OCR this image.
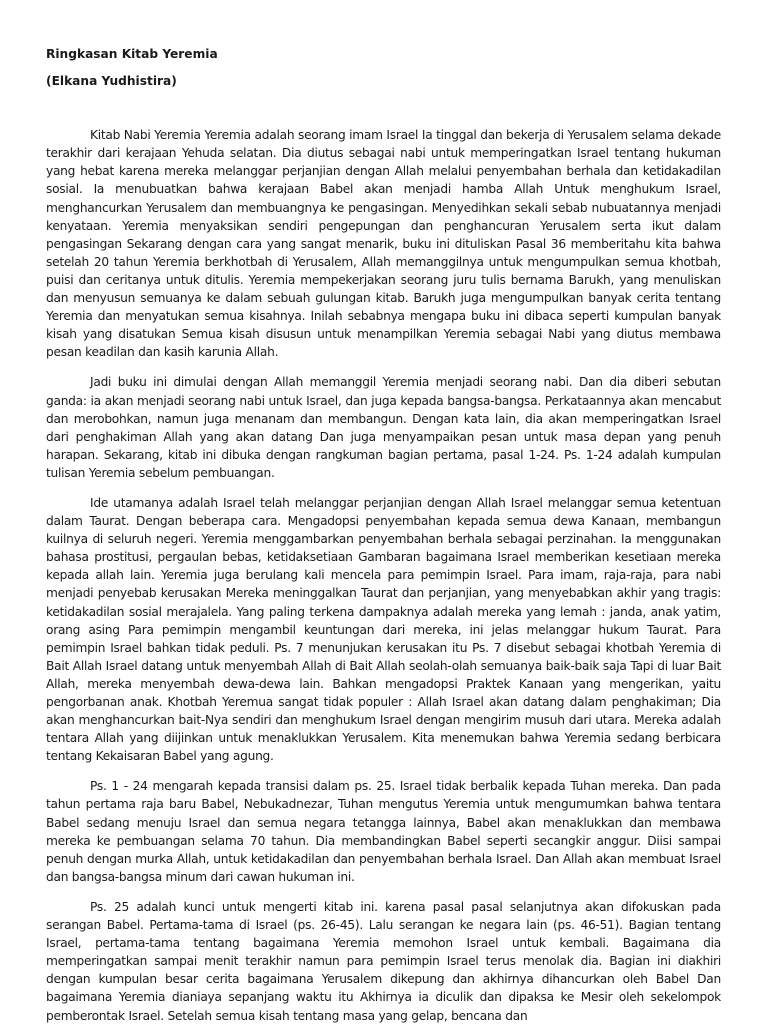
Ringkasan Kitab Yeremia

(Elkana Yudhistira)

Kitab Nabi Yeremia Yeremia adalah seorang imam Israel Ia tinggal dan bekerja di Yerusalem selama dekade terakhir dari kerajaan Yehuda selatan. Dia diutus sebagai nabi untuk memperingatkan Israel tentang hukuman yang hebat karena mereka melanggar perjanjian dengan Allah melalui penyembahan berhala dan ketidakadilan sosial. Ia menubuatkan bahwa kerajaan Babel akan menjadi hamba Allah Untuk menghukum Israel, menghancurkan Yerusalem dan membuangnya ke pengasingan. Menyedihkan sekali sebab nubuatannya menjadi kenyataan. Yeremia menyaksikan sendiri pengepungan dan penghancuran Yerusalem serta ikut dalam pengasingan Sekarang dengan cara yang sangat menarik, buku ini dituliskan Pasal 36 memberitahu kita bahwa setelah 20 tahun Yeremia berkhotbah di Yerusalem, Allah memanggilnya untuk mengumpulkan semua khotbah, puisi dan ceritanya untuk ditulis. Yeremia mempekerjakan seorang juru tulis bernama Barukh, yang menuliskan dan menyusun semuanya ke dalam sebuah gulungan kitab. Barukh juga mengumpulkan banyak cerita tentang Yeremia dan menyatukan semua kisahnya. Inilah sebabnya mengapa buku ini dibaca seperti kumpulan banyak kisah yang disatukan Semua kisah disusun untuk menampilkan Yeremia sebagai Nabi yang diutus membawa pesan keadilan dan kasih karunia Allah.

Jadi buku ini dimulai dengan Allah memanggil Yeremia menjadi seorang nabi. Dan dia diberi sebutan ganda: ia akan menjadi seorang nabi untuk Israel, dan juga kepada bangsa-bangsa. Perkataannya akan mencabut dan merobohkan, namun juga menanam dan membangun. Dengan kata lain, dia akan memperingatkan Israel dari penghakiman Allah yang akan datang Dan juga menyampaikan pesan untuk masa depan yang penuh harapan. Sekarang, kitab ini dibuka dengan rangkuman bagian pertama, pasal 1-24. Ps. 1-24 adalah kumpulan tulisan Yeremia sebelum pembuangan.

Ide utamanya adalah Israel telah melanggar perjanjian dengan Allah Israel melanggar semua ketentuan dalam Taurat. Dengan beberapa cara. Mengadopsi penyembahan kepada semua dewa Kanaan, membangun kuilnya di seluruh negeri. Yeremia menggambarkan penyembahan berhala sebagai perzinahan. Ia menggunakan bahasa prostitusi, pergaulan bebas, ketidaksetiaan Gambaran bagaimana Israel memberikan kesetiaan mereka kepada allah lain. Yeremia juga berulang kali mencela para pemimpin Israel. Para imam, raja-raja, para nabi menjadi penyebab kerusakan Mereka meninggalkan Taurat dan perjanjian, yang menyebabkan akhir yang tragis: ketidakadilan sosial merajalela. Yang paling terkena dampaknya adalah mereka yang lemah : janda, anak yatim, orang asing Para pemimpin mengambil keuntungan dari mereka, ini jelas melanggar hukum Taurat. Para pemimpin Israel bahkan tidak peduli. Ps. 7 menunjukan kerusakan itu Ps. 7 disebut sebagai khotbah Yeremia di Bait Allah Israel datang untuk menyembah Allah di Bait Allah seolah-olah semuanya baik-baik saja Tapi di luar Bait Allah, mereka menyembah dewa-dewa lain. Bahkan mengadopsi Praktek Kanaan yang mengerikan, yaitu pengorbanan anak. Khotbah Yeremua sangat tidak populer : Allah Israel akan datang dalam penghakiman; Dia akan menghancurkan bait-Nya sendiri dan menghukum Israel dengan mengirim musuh dari utara. Mereka adalah tentara Allah yang diijinkan untuk menaklukkan Yerusalem. Kita menemukan bahwa Yeremia sedang berbicara tentang Kekaisaran Babel yang agung.

Ps. 1 - 24 mengarah kepada transisi dalam ps. 25. Israel tidak berbalik kepada Tuhan mereka. Dan pada tahun pertama raja baru Babel, Nebukadnezar, Tuhan mengutus Yeremia untuk mengumumkan bahwa tentara Babel sedang menuju Israel dan semua negara tetangga lainnya, Babel akan menaklukkan dan membawa mereka ke pembuangan selama 70 tahun. Dia membandingkan Babel seperti secangkir anggur. Diisi sampai penuh dengan murka Allah, untuk ketidakadilan dan penyembahan berhala Israel. Dan Allah akan membuat Israel dan bangsa-bangsa minum dari cawan hukuman ini.

Ps. 25 adalah kunci untuk mengerti kitab ini. karena pasal pasal selanjutnya akan difokuskan pada serangan Babel. Pertama-tama di Israel (ps. 26-45). Lalu serangan ke negara lain (ps. 46-51). Bagian tentang Israel, pertama-tama tentang bagaimana Yeremia memohon Israel untuk kembali. Bagaimana dia memperingatkan sampai menit terakhir namun para pemimpin Israel terus menolak dia. Bagian ini diakhiri dengan kumpulan besar cerita bagaimana Yerusalem dikepung dan akhirnya dihancurkan oleh Babel Dan bagaimana Yeremia dianiaya sepanjang waktu itu Akhirnya ia diculik dan dipaksa ke Mesir oleh sekelompok pemberontak Israel. Setelah semua kisah tentang masa yang gelap, bencana dan
